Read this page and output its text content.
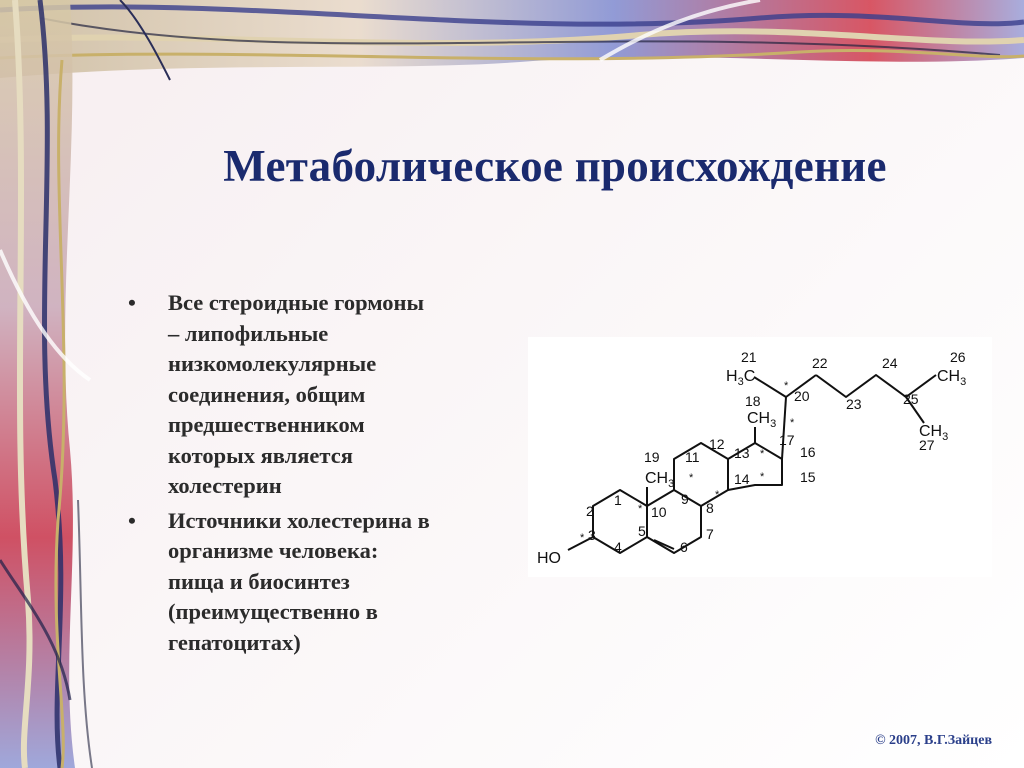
Метаболическое происхождение
• Все стероидные гормоны
– липофильные
низкомолекулярные
соединения, общим
предшественником
которых является
холестерин
• Источники холестерина в
организме человека:
пища и биосинтез
(преимущественно в
гепатоцитах)
1
2
3
4
5
6
7
8
9
10
11
12
13
14	15
16
17
18
19
20
21	22
23
24
25
26
27
$CH_3$
$CH_3$
$H_3C$	$CH_3$
$CH_3$
HO
*
*
*
*
*
*
*
*
© 2007, В.Г.Зайцев
